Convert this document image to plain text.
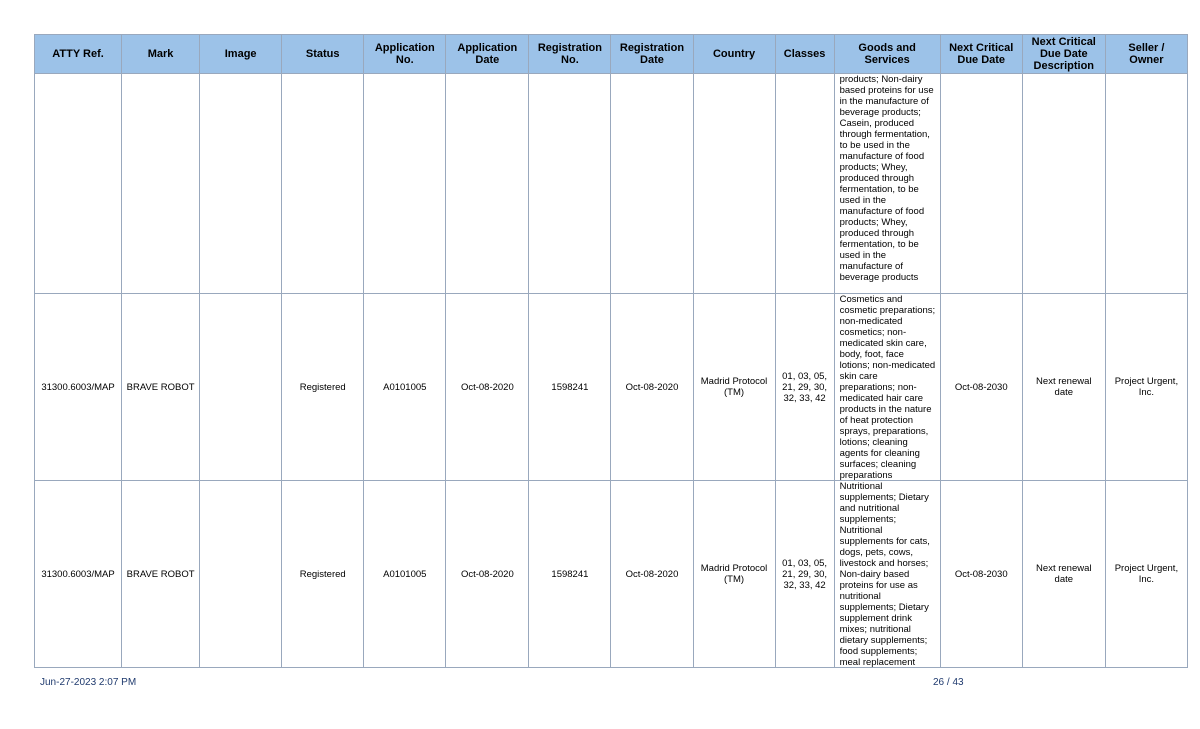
ATTY Ref.	Mark	Image	Status	Application No.	Application Date	Registration No.	Registration Date	Country	Classes	Goods and Services	Next Critical Due Date	Next Critical Due Date Description	Seller / Owner

										products; Non-dairy based proteins for use in the manufacture of beverage products; Casein, produced through fermentation, to be used in the manufacture of food products; Whey, produced through fermentation, to be used in the manufacture of food products; Whey, produced through fermentation, to be used in the manufacture of beverage products			

31300.6003/MAP	BRAVE ROBOT		Registered	A0101005	Oct-08-2020	1598241	Oct-08-2020	Madrid Protocol (TM)	01, 03, 05, 21, 29, 30, 32, 33, 42	Cosmetics and cosmetic preparations; non-medicated cosmetics; non-medicated skin care, body, foot, face lotions; non-medicated skin care preparations; non-medicated hair care products in the nature of heat protection sprays, preparations, lotions; cleaning agents for cleaning surfaces; cleaning preparations	Oct-08-2030	Next renewal date	Project Urgent, Inc.
31300.6003/MAP	BRAVE ROBOT		Registered	A0101005	Oct-08-2020	1598241	Oct-08-2020	Madrid Protocol (TM)	01, 03, 05, 21, 29, 30, 32, 33, 42	Nutritional supplements; Dietary and nutritional supplements; Nutritional supplements for cats, dogs, pets, cows, livestock and horses; Non-dairy based proteins for use as nutritional supplements; Dietary supplement drink mixes; nutritional dietary supplements; food supplements; meal replacement	Oct-08-2030	Next renewal date	Project Urgent, Inc.
Jun-27-2023 2:07 PM	26 / 43
